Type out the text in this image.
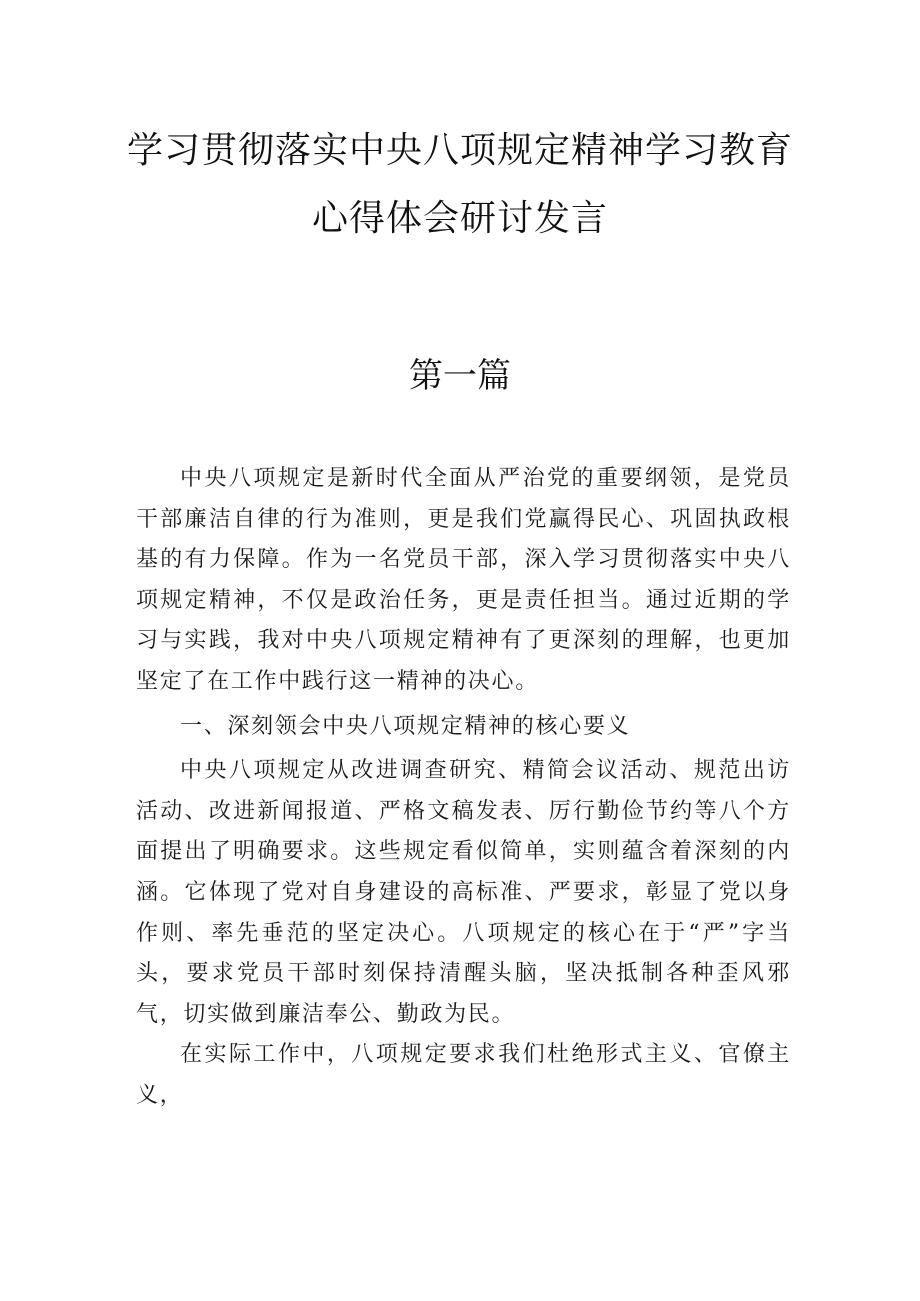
学习贯彻落实中央八项规定精神学习教育
心得体会研讨发言
第一篇

中央八项规定是新时代全面从严治党的重要纲领，是党员干部廉洁自律的行为准则，更是我们党赢得民心、巩固执政根基的有力保障。作为一名党员干部，深入学习贯彻落实中央八项规定精神，不仅是政治任务，更是责任担当。通过近期的学习与实践，我对中央八项规定精神有了更深刻的理解，也更加坚定了在工作中践行这一精神的决心。

一、深刻领会中央八项规定精神的核心要义

中央八项规定从改进调查研究、精简会议活动、规范出访活动、改进新闻报道、严格文稿发表、厉行勤俭节约等八个方面提出了明确要求。这些规定看似简单，实则蕴含着深刻的内涵。它体现了党对自身建设的高标准、严要求，彰显了党以身作则、率先垂范的坚定决心。八项规定的核心在于“严”字当头，要求党员干部时刻保持清醒头脑，坚决抵制各种歪风邪气，切实做到廉洁奉公、勤政为民。

在实际工作中，八项规定要求我们杜绝形式主义、官僚主义，
